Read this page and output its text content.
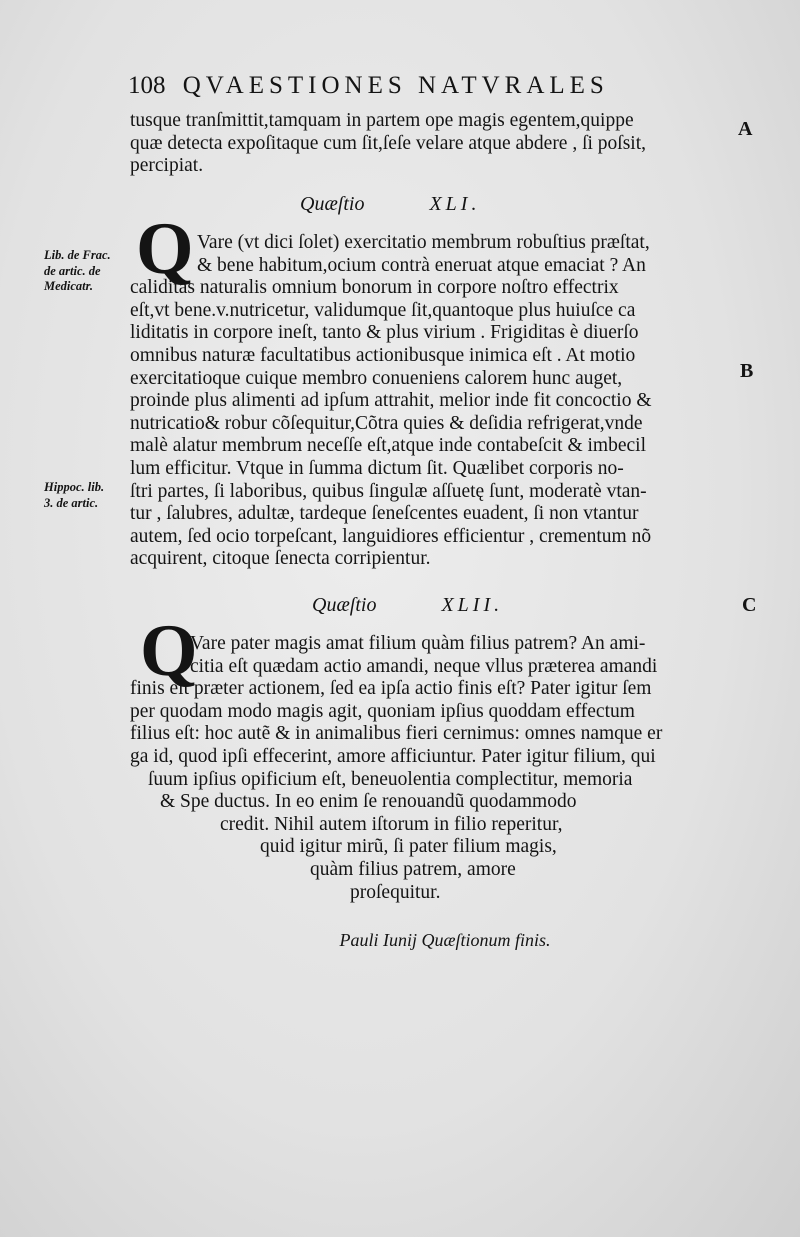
108 QVAESTIONES NATVRALES
tusque tranſmittit,tamquam in partem ope magis egentem,quippe
quæ detecta expoſitaque cum ſit,ſeſe velare atque abdere , ſi poſsit,
percipiat.
Quæſtio	XLI.
Q Vare (vt dici ſolet) exercitatio membrum robuſtius præſtat,
& bene habitum,ocium contrà eneruat atque emaciat ? An
caliditas naturalis omnium bonorum in corpore noſtro effectrix
eſt,vt bene.v.nutricetur, validumque ſit,quantoque plus huiuſce ca
liditatis in corpore ineſt, tanto & plus virium . Frigiditas è diuerſo
omnibus naturæ facultatibus actionibusque inimica eſt . At motio
exercitatioque cuique membro conueniens calorem hunc auget,
proinde plus alimenti ad ipſum attrahit, melior inde fit concoctio &
nutricatio& robur cõſequitur,Cõtra quies & deſidia refrigerat,vnde
malè alatur membrum neceſſe eſt,atque inde contabeſcit & imbecil
lum efficitur. Vtque in ſumma dictum ſit. Quælibet corporis no-
ſtri partes, ſi laboribus, quibus ſingulæ aſſuetę ſunt, moderatè vtan-
tur , ſalubres, adultæ, tardeque ſeneſcentes euadent, ſi non vtantur
autem, ſed ocio torpeſcant, languidiores efficientur , crementum nõ
acquirent, citoque ſenecta corripientur.
Quæſtio	XLII.
Q
Vare pater magis amat filium quàm filius patrem? An ami-
citia eſt quædam actio amandi, neque vllus præterea amandi
finis eſt præter actionem, ſed ea ipſa actio finis eſt? Pater igitur ſem
per quodam modo magis agit, quoniam ipſius quoddam effectum
filius eſt: hoc autẽ & in animalibus fieri cernimus: omnes namque er
ga id, quod ipſi effecerint, amore afficiuntur. Pater igitur filium, qui
ſuum ipſius opificium eſt, beneuolentia complectitur, memoria
& Spe ductus. In eo enim ſe renouandũ quodammodo
credit. Nihil autem iſtorum in filio reperitur,
quid igitur mirũ, ſi pater filium magis,
quàm filius patrem, amore
proſequitur.
Pauli Iunij Quæſtionum finis.
Lib. de Frac.
de artic. de
Medicatr.
Hippoc. lib.
3. de artic.
A
B
C
